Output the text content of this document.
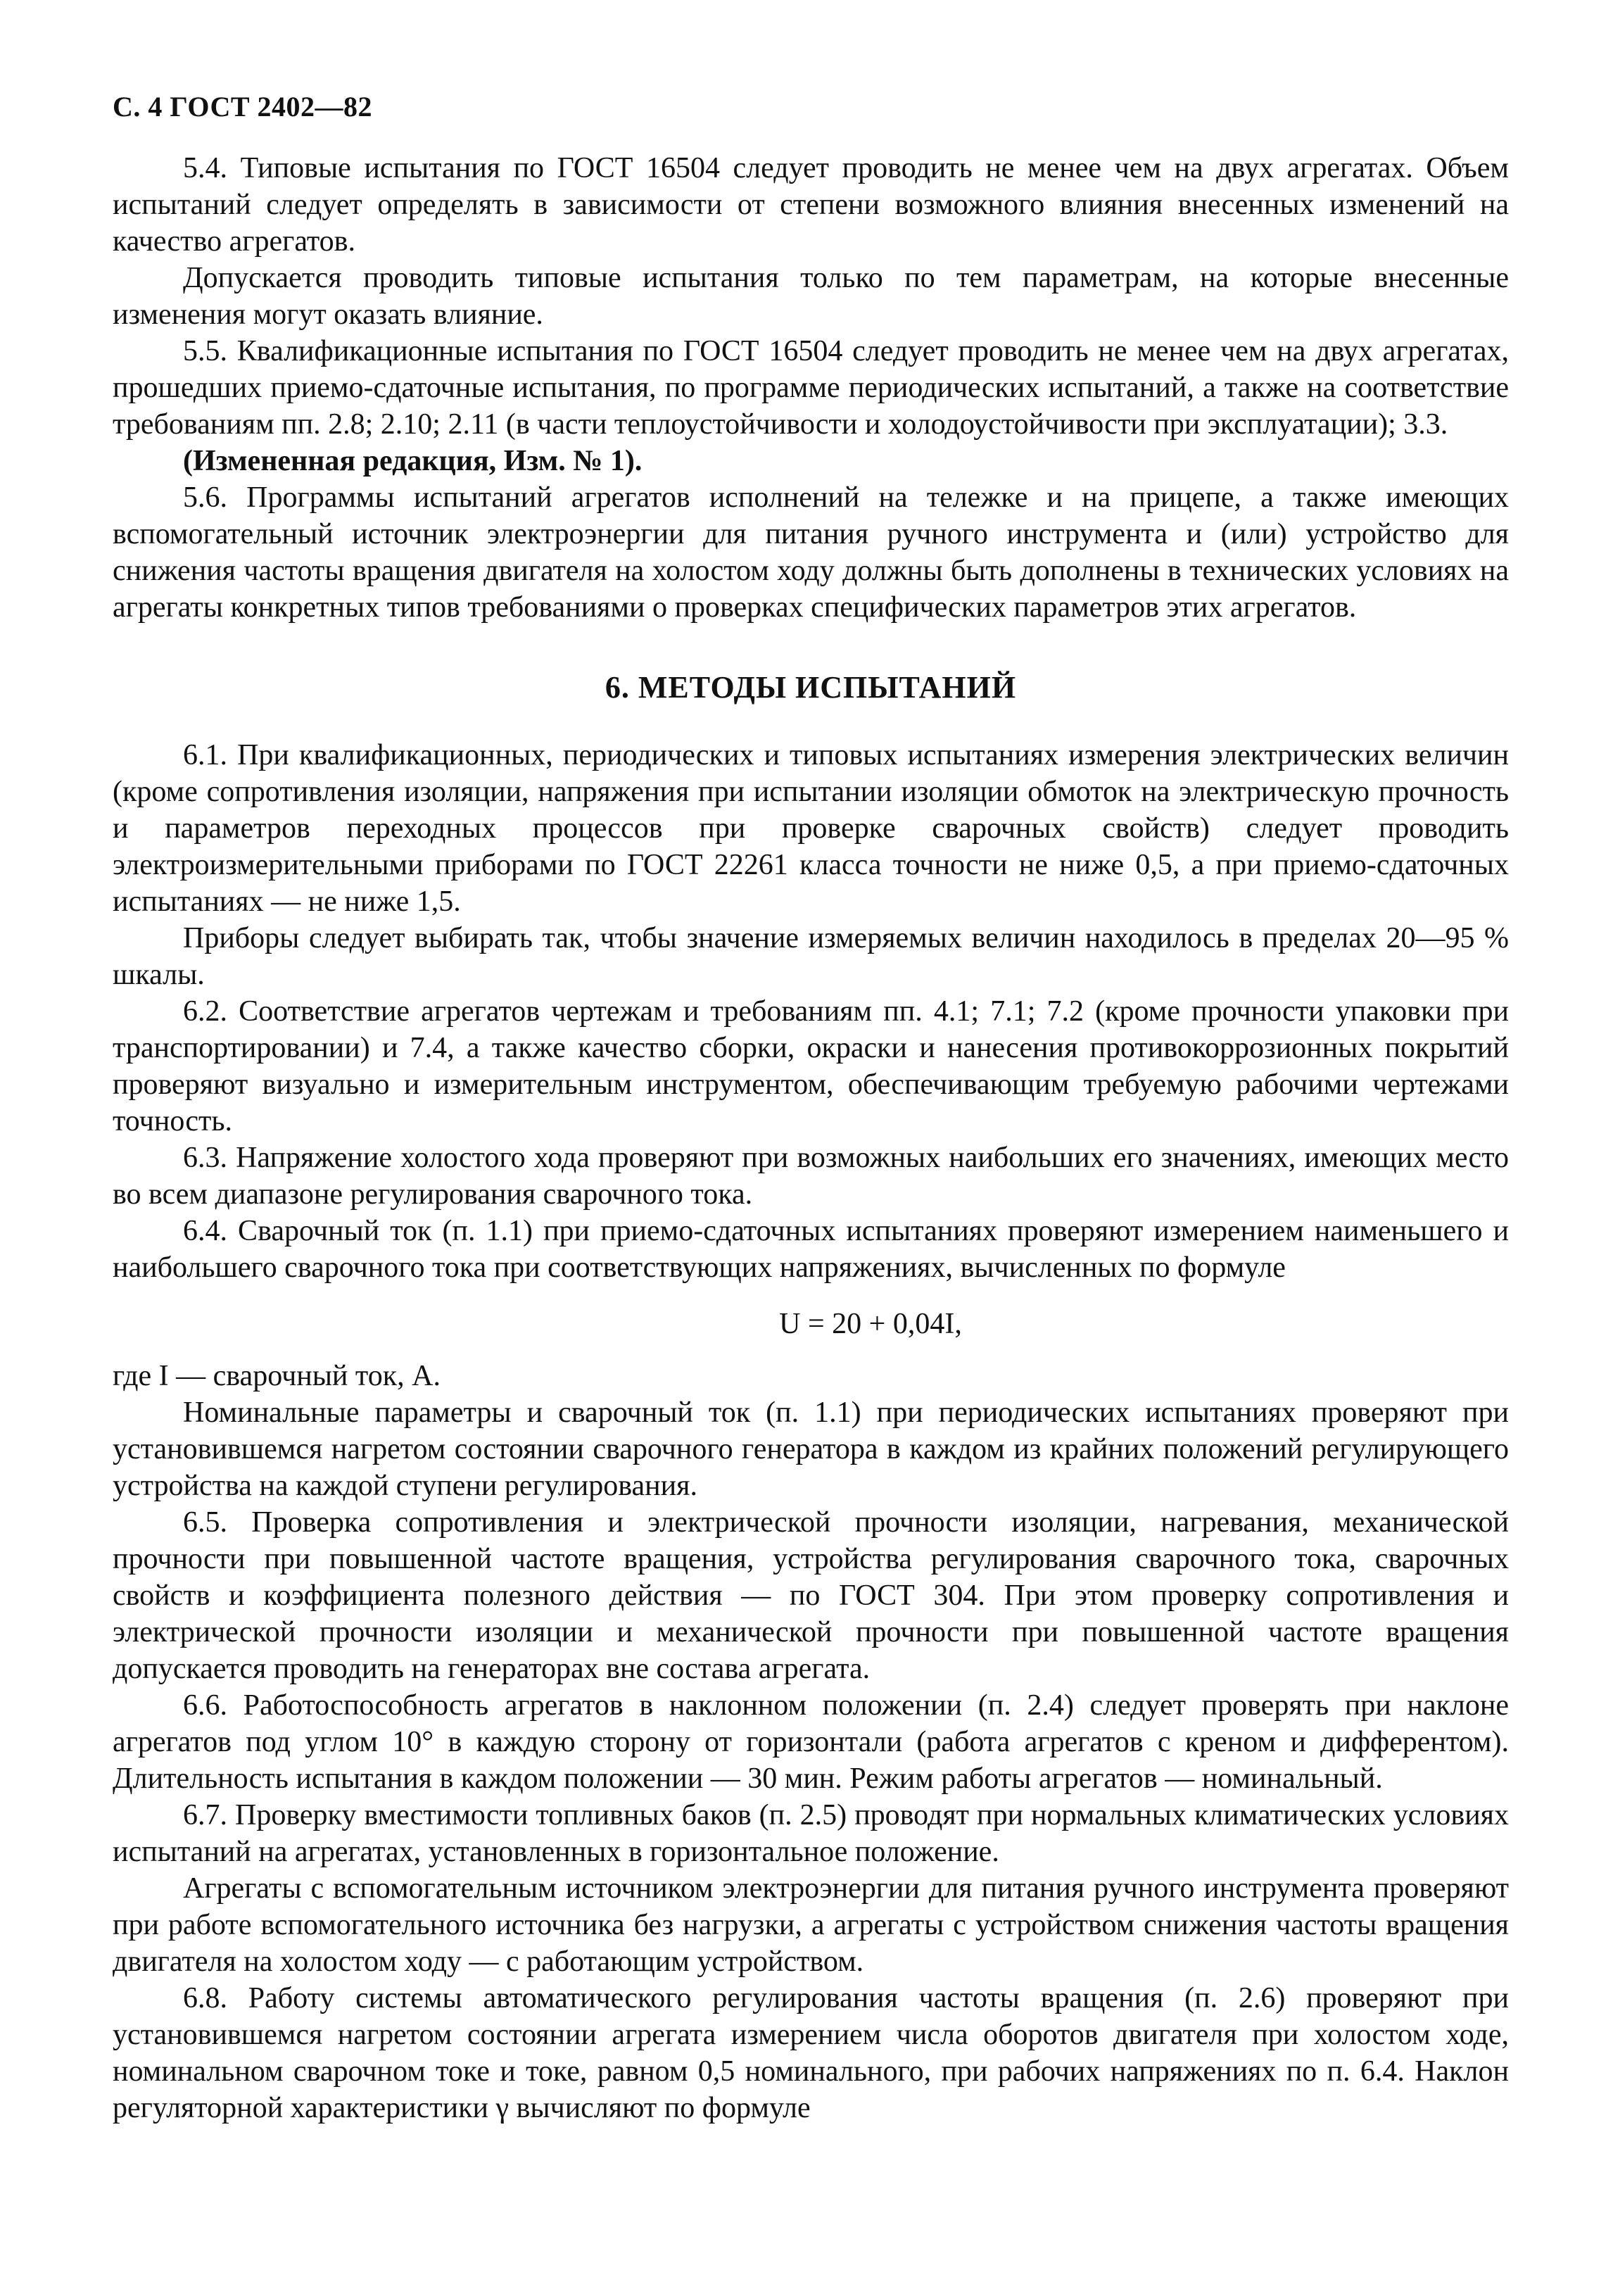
С. 4 ГОСТ 2402—82

5.4. Типовые испытания по ГОСТ 16504 следует проводить не менее чем на двух агрегатах. Объем испытаний следует определять в зависимости от степени возможного влияния внесенных изменений на качество агрегатов.

Допускается проводить типовые испытания только по тем параметрам, на которые внесенные изменения могут оказать влияние.

5.5. Квалификационные испытания по ГОСТ 16504 следует проводить не менее чем на двух агрегатах, прошедших приемо-сдаточные испытания, по программе периодических испытаний, а также на соответствие требованиям пп. 2.8; 2.10; 2.11 (в части теплоустойчивости и холодоустойчивости при эксплуатации); 3.3.

(Измененная редакция, Изм. № 1).

5.6. Программы испытаний агрегатов исполнений на тележке и на прицепе, а также имеющих вспомогательный источник электроэнергии для питания ручного инструмента и (или) устройство для снижения частоты вращения двигателя на холостом ходу должны быть дополнены в технических условиях на агрегаты конкретных типов требованиями о проверках специфических параметров этих агрегатов.

6. МЕТОДЫ ИСПЫТАНИЙ

6.1. При квалификационных, периодических и типовых испытаниях измерения электрических величин (кроме сопротивления изоляции, напряжения при испытании изоляции обмоток на электрическую прочность и параметров переходных процессов при проверке сварочных свойств) следует проводить электроизмерительными приборами по ГОСТ 22261 класса точности не ниже 0,5, а при приемо-сдаточных испытаниях — не ниже 1,5.

Приборы следует выбирать так, чтобы значение измеряемых величин находилось в пределах 20—95 % шкалы.

6.2. Соответствие агрегатов чертежам и требованиям пп. 4.1; 7.1; 7.2 (кроме прочности упаковки при транспортировании) и 7.4, а также качество сборки, окраски и нанесения противокоррозионных покрытий проверяют визуально и измерительным инструментом, обеспечивающим требуемую рабочими чертежами точность.

6.3. Напряжение холостого хода проверяют при возможных наибольших его значениях, имеющих место во всем диапазоне регулирования сварочного тока.

6.4. Сварочный ток (п. 1.1) при приемо-сдаточных испытаниях проверяют измерением наименьшего и наибольшего сварочного тока при соответствующих напряжениях, вычисленных по формуле

U = 20 + 0,04I,

где I — сварочный ток, А.

Номинальные параметры и сварочный ток (п. 1.1) при периодических испытаниях проверяют при установившемся нагретом состоянии сварочного генератора в каждом из крайних положений регулирующего устройства на каждой ступени регулирования.

6.5. Проверка сопротивления и электрической прочности изоляции, нагревания, механической прочности при повышенной частоте вращения, устройства регулирования сварочного тока, сварочных свойств и коэффициента полезного действия — по ГОСТ 304. При этом проверку сопротивления и электрической прочности изоляции и механической прочности при повышенной частоте вращения допускается проводить на генераторах вне состава агрегата.

6.6. Работоспособность агрегатов в наклонном положении (п. 2.4) следует проверять при наклоне агрегатов под углом 10° в каждую сторону от горизонтали (работа агрегатов с креном и дифферентом). Длительность испытания в каждом положении — 30 мин. Режим работы агрегатов — номинальный.

6.7. Проверку вместимости топливных баков (п. 2.5) проводят при нормальных климатических условиях испытаний на агрегатах, установленных в горизонтальное положение.

Агрегаты с вспомогательным источником электроэнергии для питания ручного инструмента проверяют при работе вспомогательного источника без нагрузки, а агрегаты с устройством снижения частоты вращения двигателя на холостом ходу — с работающим устройством.

6.8. Работу системы автоматического регулирования частоты вращения (п. 2.6) проверяют при установившемся нагретом состоянии агрегата измерением числа оборотов двигателя при холостом ходе, номинальном сварочном токе и токе, равном 0,5 номинального, при рабочих напряжениях по п. 6.4. Наклон регуляторной характеристики γ вычисляют по формуле
